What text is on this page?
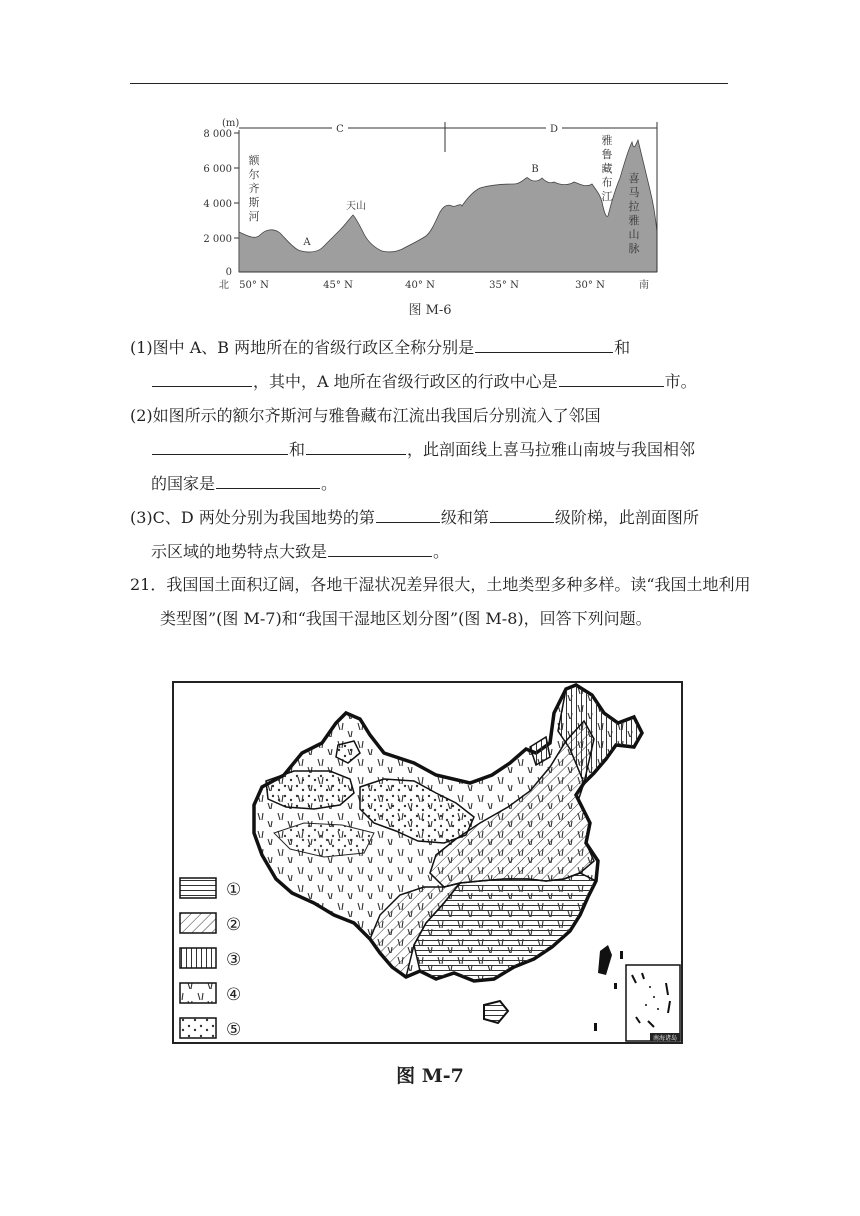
(m)
8 000
6 000
4 000
2 000
0
C	D
A
B
天山
额尔齐斯河
雅鲁藏布江
喜马拉雅山脉
北 50° N	45° N	40° N	35° N	30° N	南
图 M-6
(1)图中 A、B 两地所在的省级行政区全称分别是	和
，其中，A 地所在省级行政区的行政中心是	市。
(2)如图所示的额尔齐斯河与雅鲁藏布江流出我国后分别流入了邻国
和	，此剖面线上喜马拉雅山南坡与我国相邻
的国家是	。
(3)C、D 两处分别为我国地势的第	级和第	级阶梯，此剖面图所
示区域的地势特点大致是	。
21．我国国土面积辽阔，各地干湿状况差异很大，土地类型多种多样。读“我国土地利用类型图”(图 M-7)和“我国干湿地区划分图”(图 M-8)，回答下列问题。
①
②
③
④
⑤	南海诸岛
图 M-7
